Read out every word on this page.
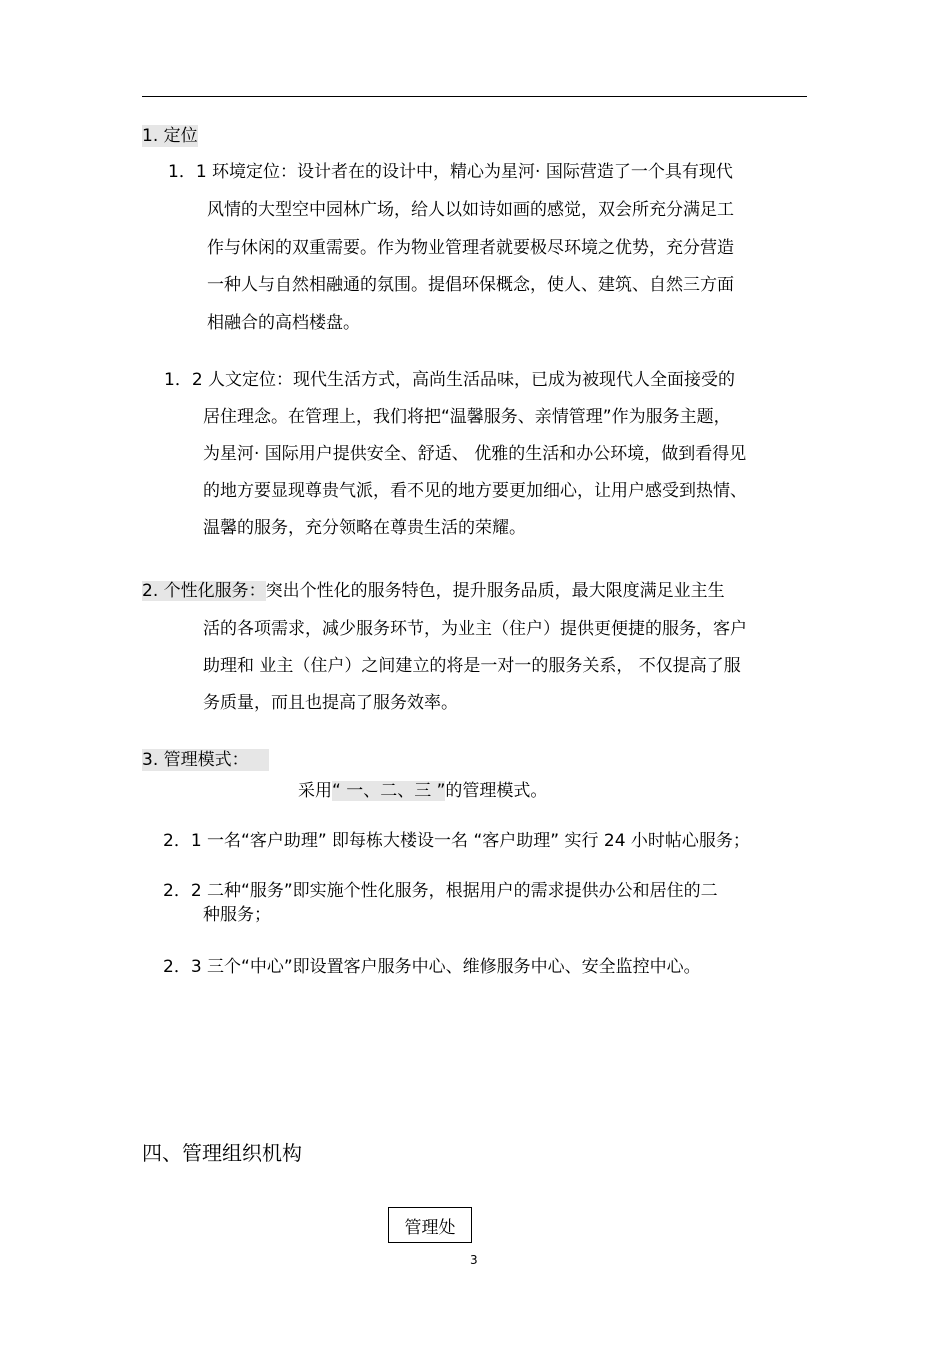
1. 定位
1．1 环境定位：设计者在的设计中，精心为星河· 国际营造了一个具有现代
风情的大型空中园林广场，给人以如诗如画的感觉，双会所充分满足工
作与休闲的双重需要。作为物业管理者就要极尽环境之优势，充分营造
一种人与自然相融通的氛围。提倡环保概念，使人、建筑、自然三方面
相融合的高档楼盘。
1．2 人文定位：现代生活方式，高尚生活品味，已成为被现代人全面接受的
居住理念。在管理上，我们将把“温馨服务、亲情管理”作为服务主题，
为星河· 国际用户提供安全、舒适、 优雅的生活和办公环境，做到看得见
的地方要显现尊贵气派，看不见的地方要更加细心，让用户感受到热情、
温馨的服务，充分领略在尊贵生活的荣耀。
2. 个性化服务：突出个性化的服务特色，提升服务品质，最大限度满足业主生
活的各项需求，减少服务环节，为业主（住户）提供更便捷的服务，客户
助理和 业主（住户）之间建立的将是一对一的服务关系， 不仅提高了服
务质量，而且也提高了服务效率。
3. 管理模式：
采用“ 一、二、三 ”的管理模式。
2．1 一名“客户助理” 即每栋大楼设一名 “客户助理” 实行 24 小时帖心服务；
2．2 二种“服务”即实施个性化服务，根据用户的需求提供办公和居住的二
种服务；
2．3 三个“中心”即设置客户服务中心、维修服务中心、安全监控中心。
四、管理组织机构
管理处
3
